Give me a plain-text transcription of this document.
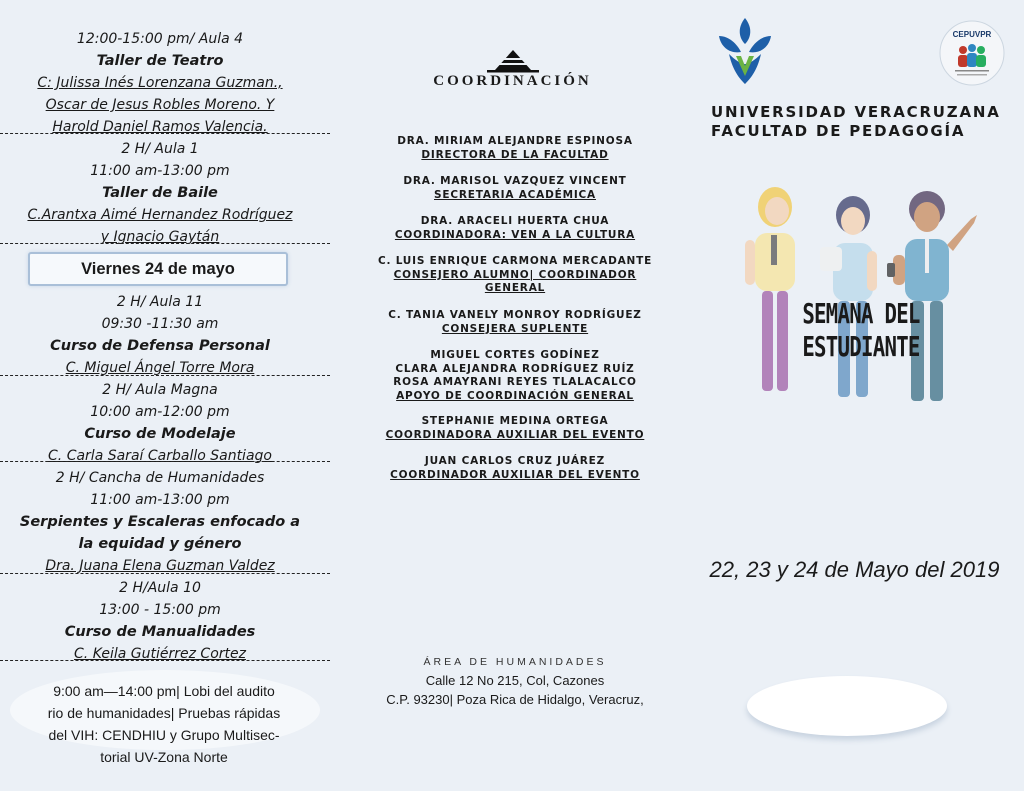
12:00-15:00 pm/ Aula 4
Taller de Teatro
C: Julissa Inés Lorenzana Guzman.,
Oscar de Jesus Robles Moreno. Y
Harold Daniel Ramos Valencia.
2 H/ Aula 1
11:00 am-13:00 pm
Taller de Baile
C.Arantxa Aimé Hernandez Rodríguez
y Ignacio Gaytán
2 H/ Aula 11
09:30 -11:30 am
Curso de Defensa Personal
C. Miguel Ángel Torre Mora
2 H/ Aula Magna
10:00 am-12:00 pm
Curso de Modelaje
C. Carla Saraí Carballo Santiago
2 H/ Cancha de Humanidades
11:00 am-13:00 pm
Serpientes y Escaleras enfocado a
la equidad y género
Dra. Juana Elena Guzman Valdez
2 H/Aula 10
13:00 - 15:00 pm
Curso de Manualidades
C. Keila Gutiérrez Cortez
Viernes 24 de mayo
9:00 am—14:00 pm| Lobi del audito
rio de humanidades| Pruebas rápidas
del VIH: CENDHIU y Grupo Multisec-
torial UV-Zona Norte
COORDINACIÓN
DRA. MIRIAM ALEJANDRE ESPINOSA
DIRECTORA DE LA FACULTAD
DRA. MARISOL VAZQUEZ VINCENT
SECRETARIA ACADÉMICA
DRA. ARACELI HUERTA CHUA
COORDINADORA: VEN A LA CULTURA
C. LUIS ENRIQUE CARMONA MERCADANTE
CONSEJERO ALUMNO| COORDINADOR
GENERAL
C. TANIA VANELY MONROY RODRÍGUEZ
CONSEJERA SUPLENTE
MIGUEL CORTES GODÍNEZ
CLARA ALEJANDRA RODRÍGUEZ RUÍZ
ROSA AMAYRANI REYES TLALACALCO
APOYO DE COORDINACIÓN GENERAL
STEPHANIE MEDINA ORTEGA
COORDINADORA AUXILIAR DEL EVENTO
JUAN CARLOS CRUZ JUÁREZ
COORDINADOR AUXILIAR DEL EVENTO
ÁREA DE HUMANIDADES
Calle 12 No 215, Col, Cazones
C.P. 93230| Poza Rica de Hidalgo, Veracruz,
CEPUVPR
UNIVERSIDAD VERACRUZANA
FACULTAD DE PEDAGOGÍA
SEMANA DEL ESTUDIANTE
22, 23 y 24 de Mayo del 2019
